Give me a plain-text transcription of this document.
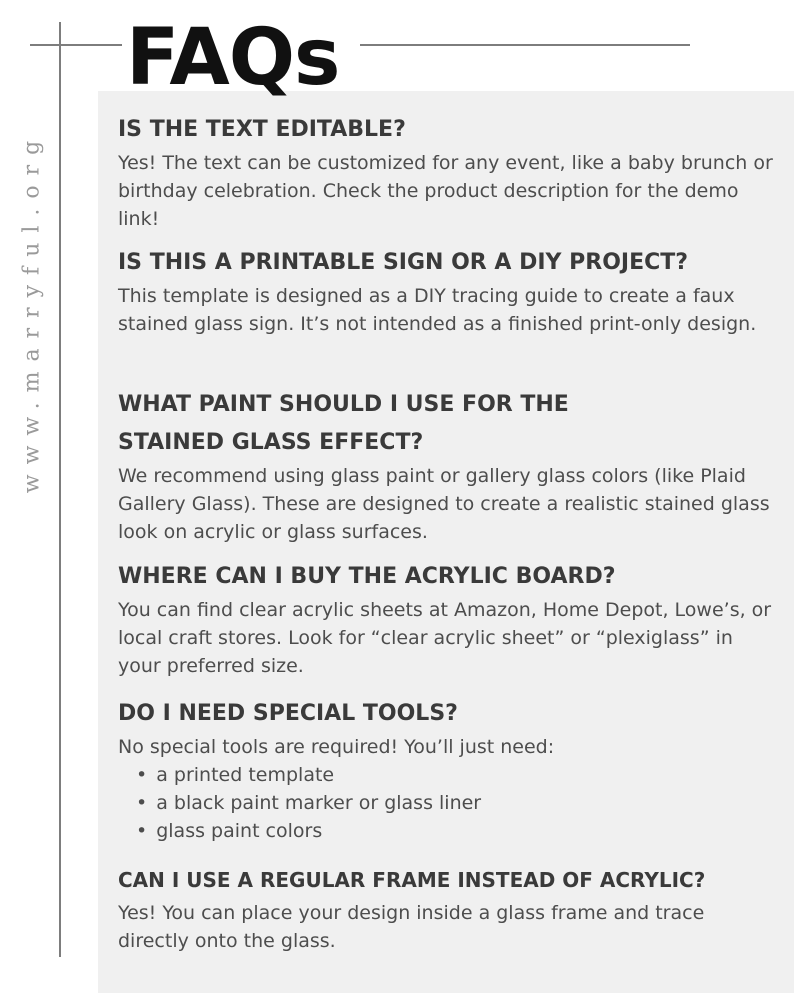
FAQs
www.marryful.org
IS THE TEXT EDITABLE?
Yes! The text can be customized for any event, like a baby brunch or birthday celebration. Check the product description for the demo link!
IS THIS A PRINTABLE SIGN OR A DIY PROJECT?
This template is designed as a DIY tracing guide to create a faux stained glass sign. It’s not intended as a finished print-only design.
WHAT PAINT SHOULD I USE FOR THE STAINED GLASS EFFECT?
We recommend using glass paint or gallery glass colors (like Plaid Gallery Glass). These are designed to create a realistic stained glass look on acrylic or glass surfaces.
WHERE CAN I BUY THE ACRYLIC BOARD?
You can find clear acrylic sheets at Amazon, Home Depot, Lowe’s, or local craft stores. Look for “clear acrylic sheet” or “plexiglass” in your preferred size.
DO I NEED SPECIAL TOOLS?
No special tools are required! You’ll just need:
• a printed template
• a black paint marker or glass liner
• glass paint colors
CAN I USE A REGULAR FRAME INSTEAD OF ACRYLIC?
Yes! You can place your design inside a glass frame and trace directly onto the glass.
